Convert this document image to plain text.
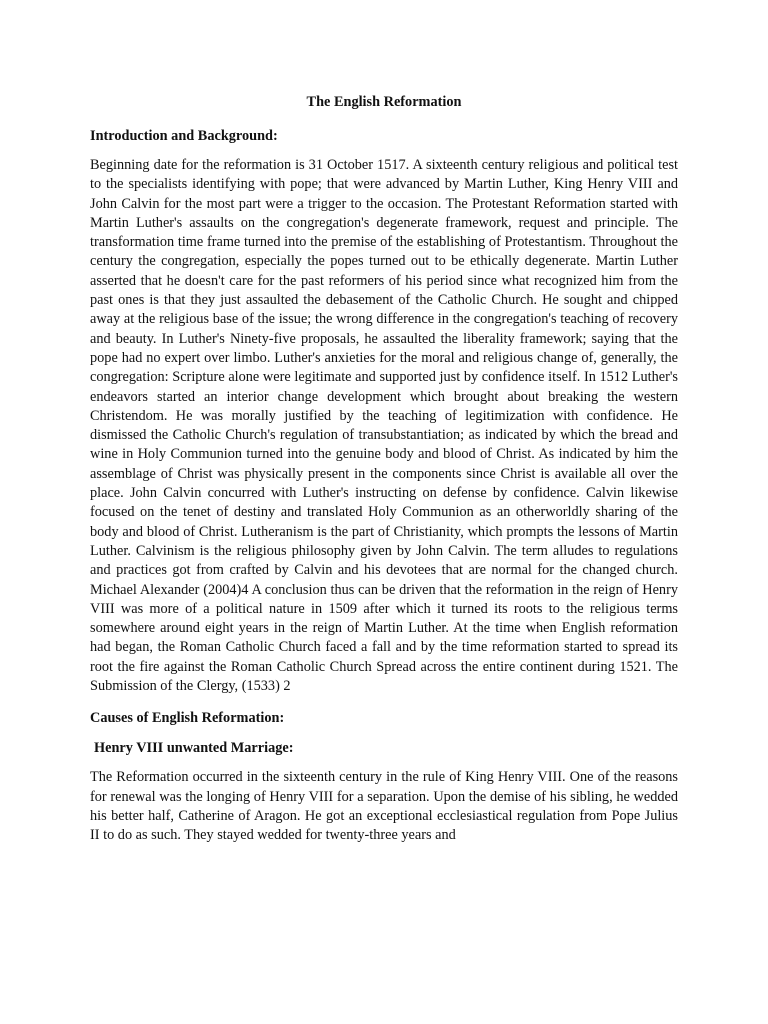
The English Reformation
Introduction and Background:

Beginning date for the reformation is 31 October 1517. A sixteenth century religious and political test to the specialists identifying with pope; that were advanced by Martin Luther, King Henry VIII and John Calvin for the most part were a trigger to the occasion. The Protestant Reformation started with Martin Luther's assaults on the congregation's degenerate framework, request and principle. The transformation time frame turned into the premise of the establishing of Protestantism. Throughout the century the congregation, especially the popes turned out to be ethically degenerate. Martin Luther asserted that he doesn't care for the past reformers of his period since what recognized him from the past ones is that they just assaulted the debasement of the Catholic Church. He sought and chipped away at the religious base of the issue; the wrong difference in the congregation's teaching of recovery and beauty. In Luther's Ninety-five proposals, he assaulted the liberality framework; saying that the pope had no expert over limbo. Luther's anxieties for the moral and religious change of, generally, the congregation: Scripture alone were legitimate and supported just by confidence itself. In 1512 Luther's endeavors started an interior change development which brought about breaking the western Christendom. He was morally justified by the teaching of legitimization with confidence. He dismissed the Catholic Church's regulation of transubstantiation; as indicated by which the bread and wine in Holy Communion turned into the genuine body and blood of Christ. As indicated by him the assemblage of Christ was physically present in the components since Christ is available all over the place. John Calvin concurred with Luther's instructing on defense by confidence. Calvin likewise focused on the tenet of destiny and translated Holy Communion as an otherworldly sharing of the body and blood of Christ. Lutheranism is the part of Christianity, which prompts the lessons of Martin Luther. Calvinism is the religious philosophy given by John Calvin. The term alludes to regulations and practices got from crafted by Calvin and his devotees that are normal for the changed church. Michael Alexander (2004)4 A conclusion thus can be driven that the reformation in the reign of Henry VIII was more of a political nature in 1509 after which it turned its roots to the religious terms somewhere around eight years in the reign of Martin Luther. At the time when English reformation had began, the Roman Catholic Church faced a fall and by the time reformation started to spread its root the fire against the Roman Catholic Church Spread across the entire continent during 1521. The Submission of the Clergy, (1533) 2

Causes of English Reformation:
Henry VIII unwanted Marriage:

The Reformation occurred in the sixteenth century in the rule of King Henry VIII. One of the reasons for renewal was the longing of Henry VIII for a separation. Upon the demise of his sibling, he wedded his better half, Catherine of Aragon. He got an exceptional ecclesiastical regulation from Pope Julius II to do as such. They stayed wedded for twenty-three years and
